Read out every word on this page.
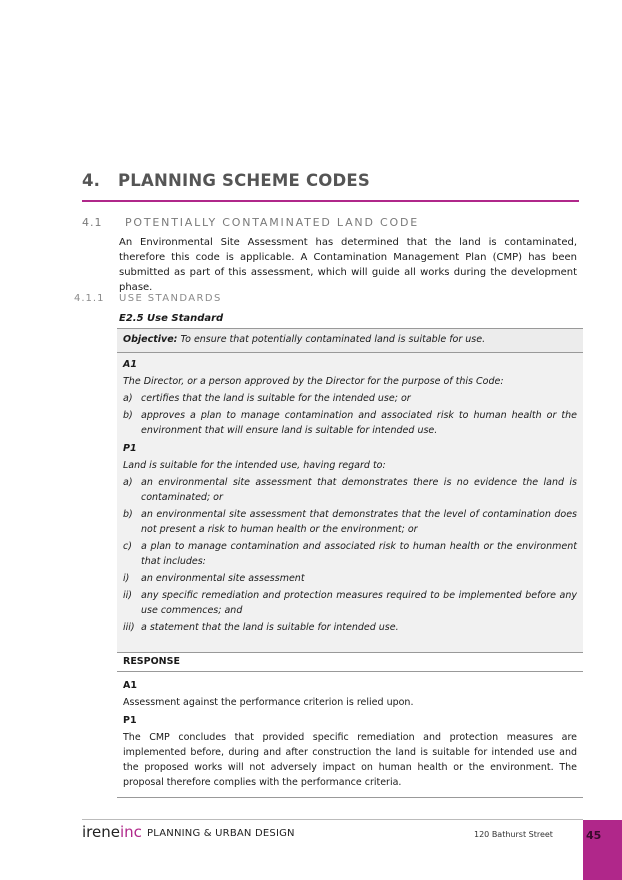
4. PLANNING SCHEME CODES
4.1 POTENTIALLY CONTAMINATED LAND CODE
An Environmental Site Assessment has determined that the land is contaminated, therefore this code is applicable. A Contamination Management Plan (CMP) has been submitted as part of this assessment, which will guide all works during the development phase.
4.1.1 USE STANDARDS
E2.5 Use Standard
Objective: To ensure that potentially contaminated land is suitable for use.
A1
The Director, or a person approved by the Director for the purpose of this Code:
a) certifies that the land is suitable for the intended use; or
b) approves a plan to manage contamination and associated risk to human health or the environment that will ensure land is suitable for intended use.
P1
Land is suitable for the intended use, having regard to:
a) an environmental site assessment that demonstrates there is no evidence the land is contaminated; or
b) an environmental site assessment that demonstrates that the level of contamination does not present a risk to human health or the environment; or
c) a plan to manage contamination and associated risk to human health or the environment that includes:
i) an environmental site assessment
ii) any specific remediation and protection measures required to be implemented before any use commences; and
iii) a statement that the land is suitable for intended use.
RESPONSE
A1
Assessment against the performance criterion is relied upon.
P1
The CMP concludes that provided specific remediation and protection measures are implemented before, during and after construction the land is suitable for intended use and the proposed works will not adversely impact on human health or the environment. The proposal therefore complies with the performance criteria.
ireneinc PLANNING & URBAN DESIGN	120 Bathurst Street	45
